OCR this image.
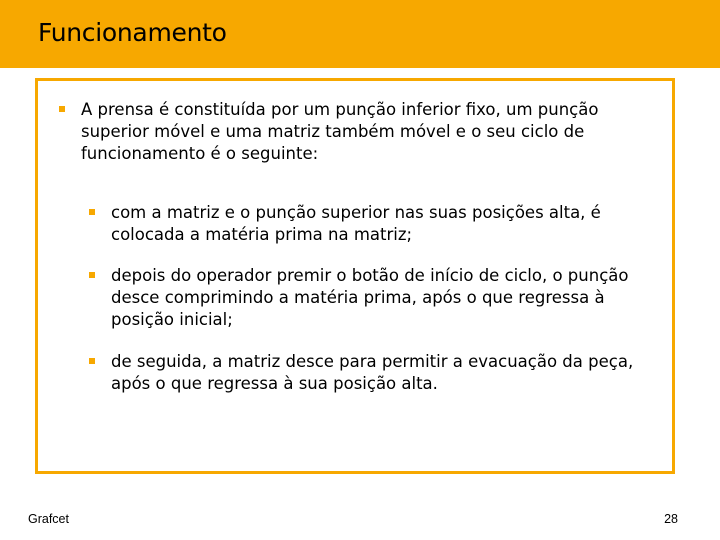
Funcionamento
A prensa é constituída por um punção inferior fixo, um punção superior móvel e uma matriz também móvel e o seu ciclo de funcionamento é o seguinte:
com a matriz e o punção superior nas suas posições alta, é colocada a matéria prima na matriz;
depois do operador premir o botão de início de ciclo, o punção desce comprimindo a matéria prima, após o que regressa à posição inicial;
de seguida, a matriz desce para permitir a evacuação da peça, após o que regressa à sua posição alta.
Grafcet	28
